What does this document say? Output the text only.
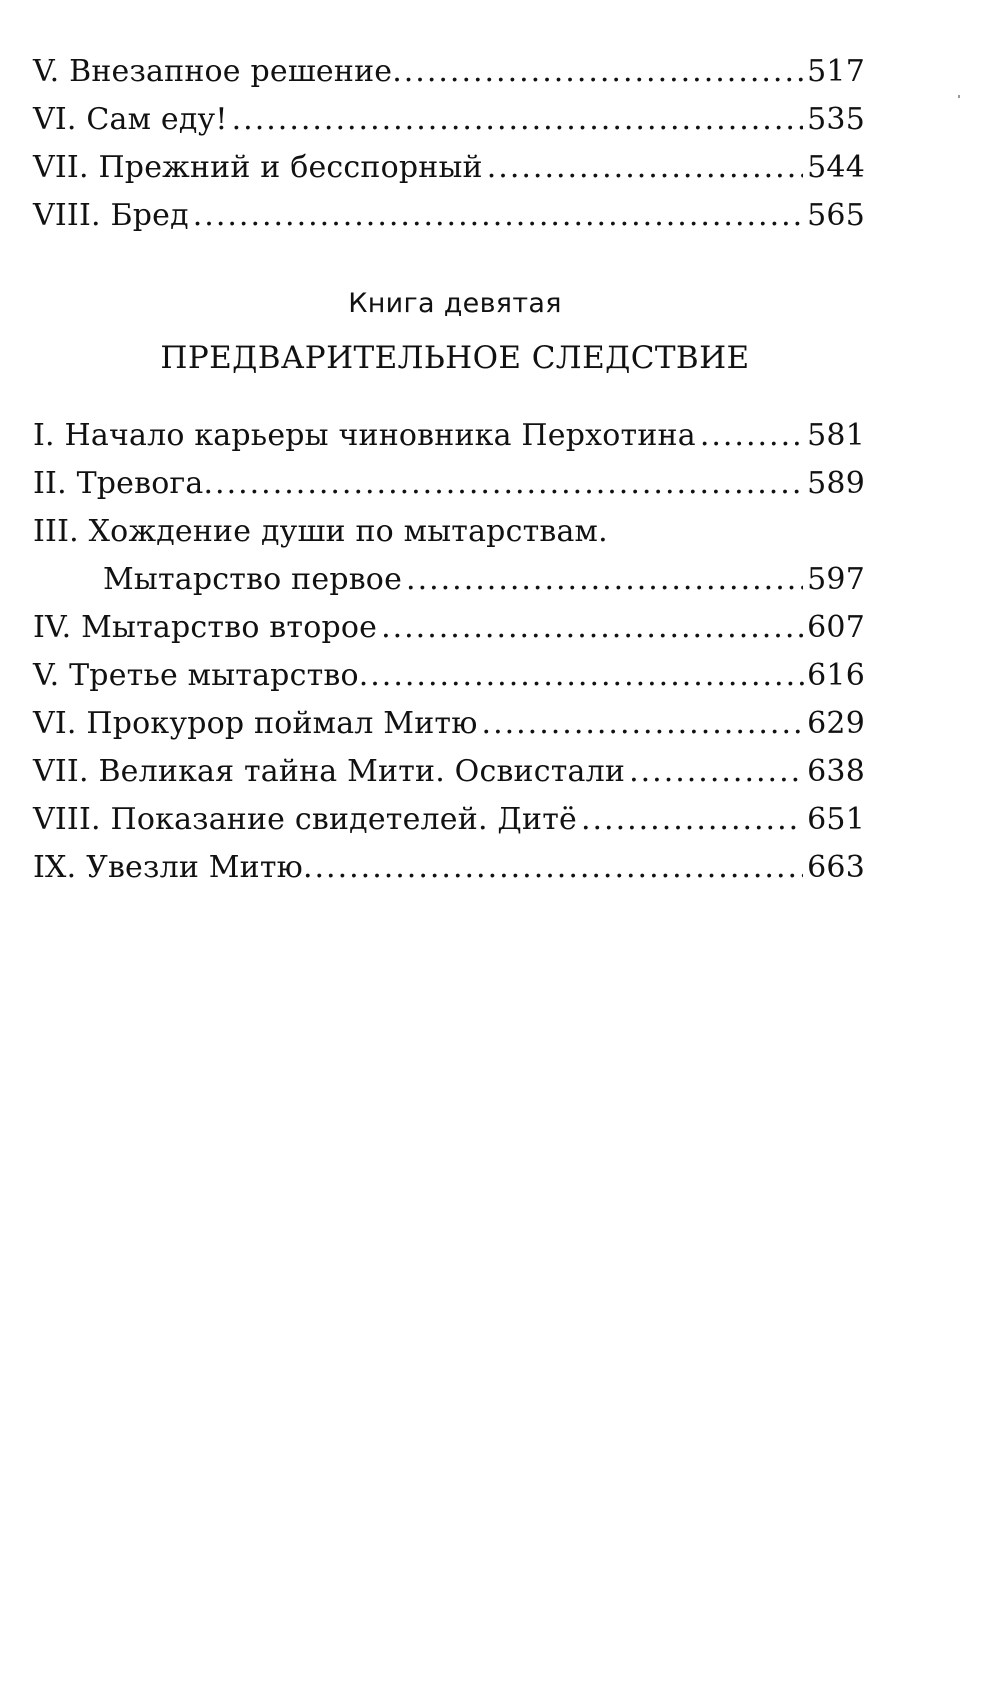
V. Внезапное решение .....	517
VI. Сам еду! .....	535
VII. Прежний и бесспорный .....	544
VIII. Бред .....	565
Книга девятая
ПРЕДВАРИТЕЛЬНОЕ СЛЕДСТВИЕ
I. Начало карьеры чиновника Перхотина .....	581
II. Тревога .....	589
III. Хождение души по мытарствам.
Мытарство первое .....	597
IV. Мытарство второе .....	607
V. Третье мытарство .....	616
VI. Прокурор поймал Митю .....	629
VII. Великая тайна Мити. Освистали .....	638
VIII. Показание свидетелей. Дитё .....	651
IX. Увезли Митю .....	663
